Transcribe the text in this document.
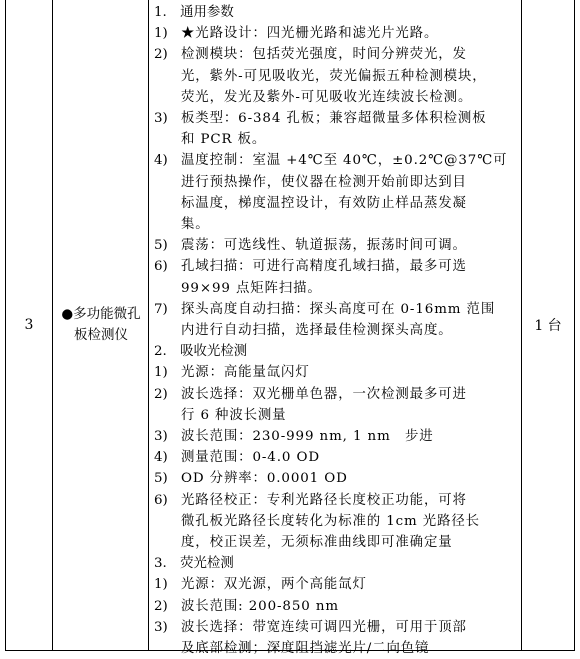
3
●多功能微孔板检测仪
1 台
1.　通用参数
1) ★光路设计：四光栅光路和滤光片光路。
2) 检测模块：包括荧光强度，时间分辨荧光，发
光，紫外-可见吸收光，荧光偏振五种检测模块，
荧光，发光及紫外-可见吸收光连续波长检测。
3) 板类型：6-384 孔板；兼容超微量多体积检测板
和 PCR 板。
4) 温度控制：室温 +4℃至 40℃，±0.2℃@37℃可
进行预热操作，使仪器在检测开始前即达到目
标温度，梯度温控设计，有效防止样品蒸发凝
集。
5) 震荡：可选线性、轨道振荡，振荡时间可调。
6) 孔域扫描：可进行高精度孔域扫描，最多可选
99×99 点矩阵扫描。
7) 探头高度自动扫描：探头高度可在 0-16mm 范围
内进行自动扫描，选择最佳检测探头高度。
2.　吸收光检测
1) 光源：高能量氙闪灯
2) 波长选择：双光栅单色器，一次检测最多可进
行 6 种波长测量
3) 波长范围：230-999 nm, 1 nm　步进
4) 测量范围：0-4.0 OD
5) OD 分辨率：0.0001 OD
6) 光路径校正：专利光路径长度校正功能，可将
微孔板光路径长度转化为标准的 1cm 光路径长
度，校正误差，无须标准曲线即可准确定量
3.　荧光检测
1) 光源：双光源，两个高能氙灯
2) 波长范围: 200-850 nm
3) 波长选择：带宽连续可调四光栅，可用于顶部
及底部检测；深度阻挡滤光片/二向色镜
